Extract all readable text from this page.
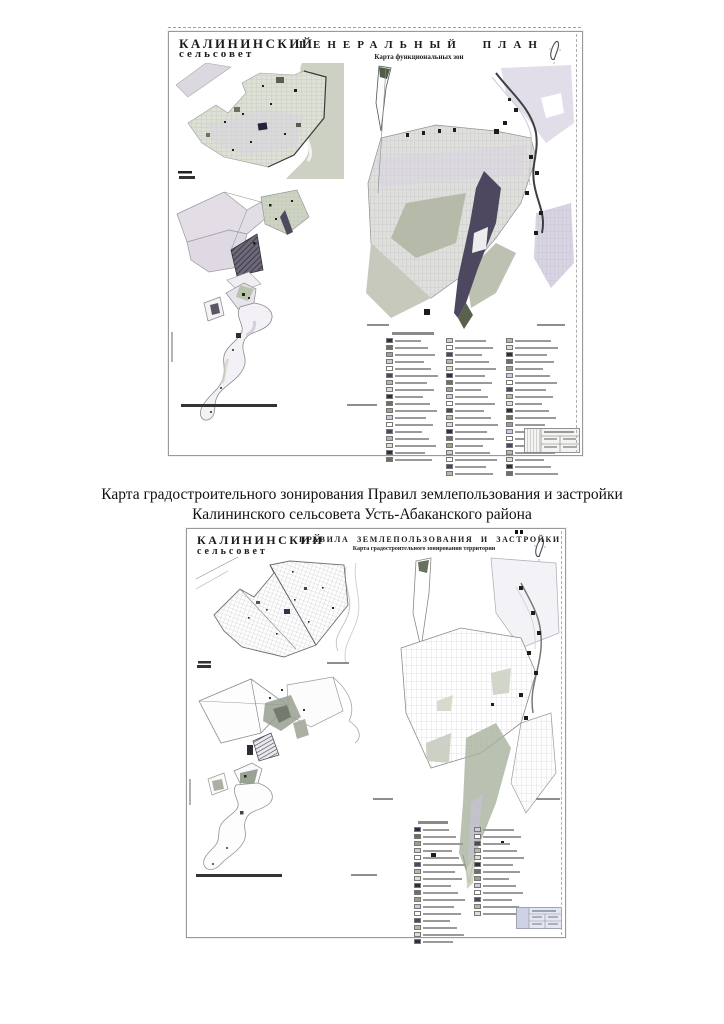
КАЛИНИНСКИЙ
сельсовет
ГЕНЕРАЛЬНЫЙ ПЛАН
Карта функциональных зон
Карта градостроительного зонирования Правил землепользования и застройки
Калининского сельсовета Усть-Абаканского района
КАЛИНИНСКИЙ
сельсовет
ПРАВИЛА ЗЕМЛЕПОЛЬЗОВАНИЯ И ЗАСТРОЙКИ
Карта градостроительного зонирования территории
